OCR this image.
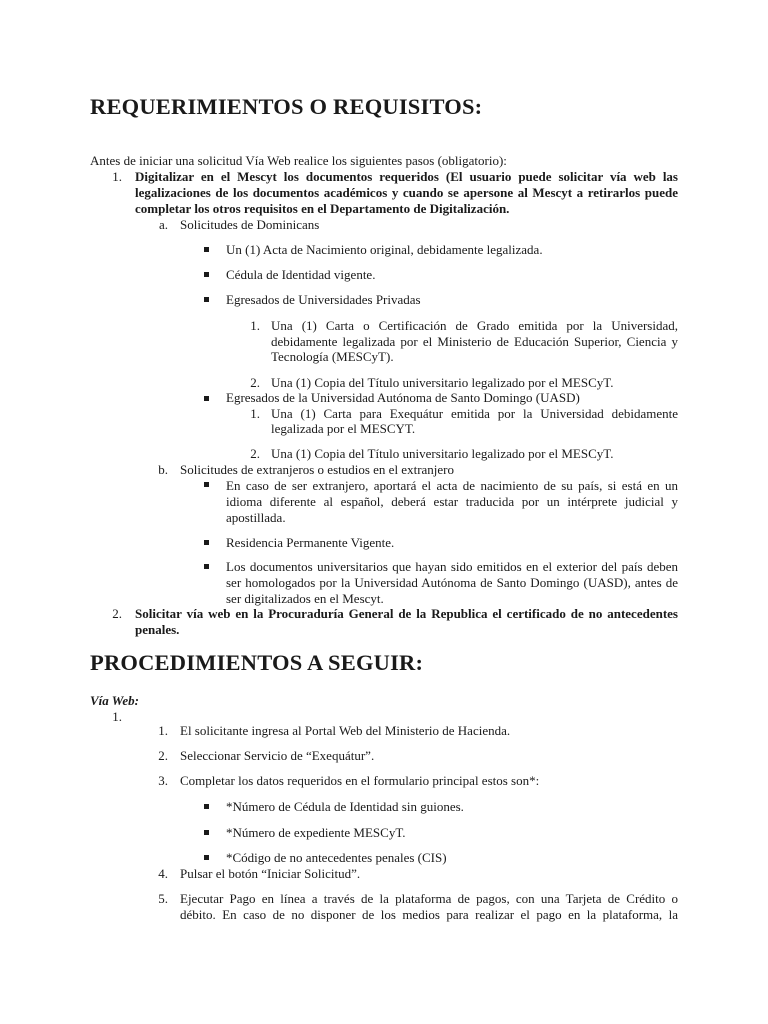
REQUERIMIENTOS O REQUISITOS:
Antes de iniciar una solicitud Vía Web realice los siguientes pasos (obligatorio):
1. Digitalizar en el Mescyt los documentos requeridos (El usuario puede solicitar vía web las
legalizaciones de los documentos académicos y cuando se apersone al Mescyt a retirarlos puede
completar los otros requisitos en el Departamento de Digitalización.
a. Solicitudes de Dominicans
Un (1) Acta de Nacimiento original, debidamente legalizada.
Cédula de Identidad vigente.
Egresados de Universidades Privadas
1. Una (1) Carta o Certificación de Grado emitida por la Universidad,
debidamente legalizada por el Ministerio de Educación Superior, Ciencia y
Tecnología (MESCyT).
2. Una (1) Copia del Título universitario legalizado por el MESCyT.
Egresados de la Universidad Autónoma de Santo Domingo (UASD)
1. Una (1) Carta para Exequátur emitida por la Universidad debidamente
legalizada por el MESCYT.
2. Una (1) Copia del Título universitario legalizado por el MESCyT.
b. Solicitudes de extranjeros o estudios en el extranjero
En caso de ser extranjero, aportará el acta de nacimiento de su país, si está en un
idioma diferente al español, deberá estar traducida por un intérprete judicial y
apostillada.
Residencia Permanente Vigente.
Los documentos universitarios que hayan sido emitidos en el exterior del país deben
ser homologados por la Universidad Autónoma de Santo Domingo (UASD), antes de
ser digitalizados en el Mescyt.
2. Solicitar vía web en la Procuraduría General de la Republica el certificado de no antecedentes
penales.
PROCEDIMIENTOS A SEGUIR:
Vía Web:
1.
1. El solicitante ingresa al Portal Web del Ministerio de Hacienda.
2. Seleccionar Servicio de “Exequátur”.
3. Completar los datos requeridos en el formulario principal estos son*:
*Número de Cédula de Identidad sin guiones.
*Número de expediente MESCyT.
*Código de no antecedentes penales (CIS)
4. Pulsar el botón “Iniciar Solicitud”.
5. Ejecutar Pago en línea a través de la plataforma de pagos, con una Tarjeta de Crédito o
débito. En caso de no disponer de los medios para realizar el pago en la plataforma, la
